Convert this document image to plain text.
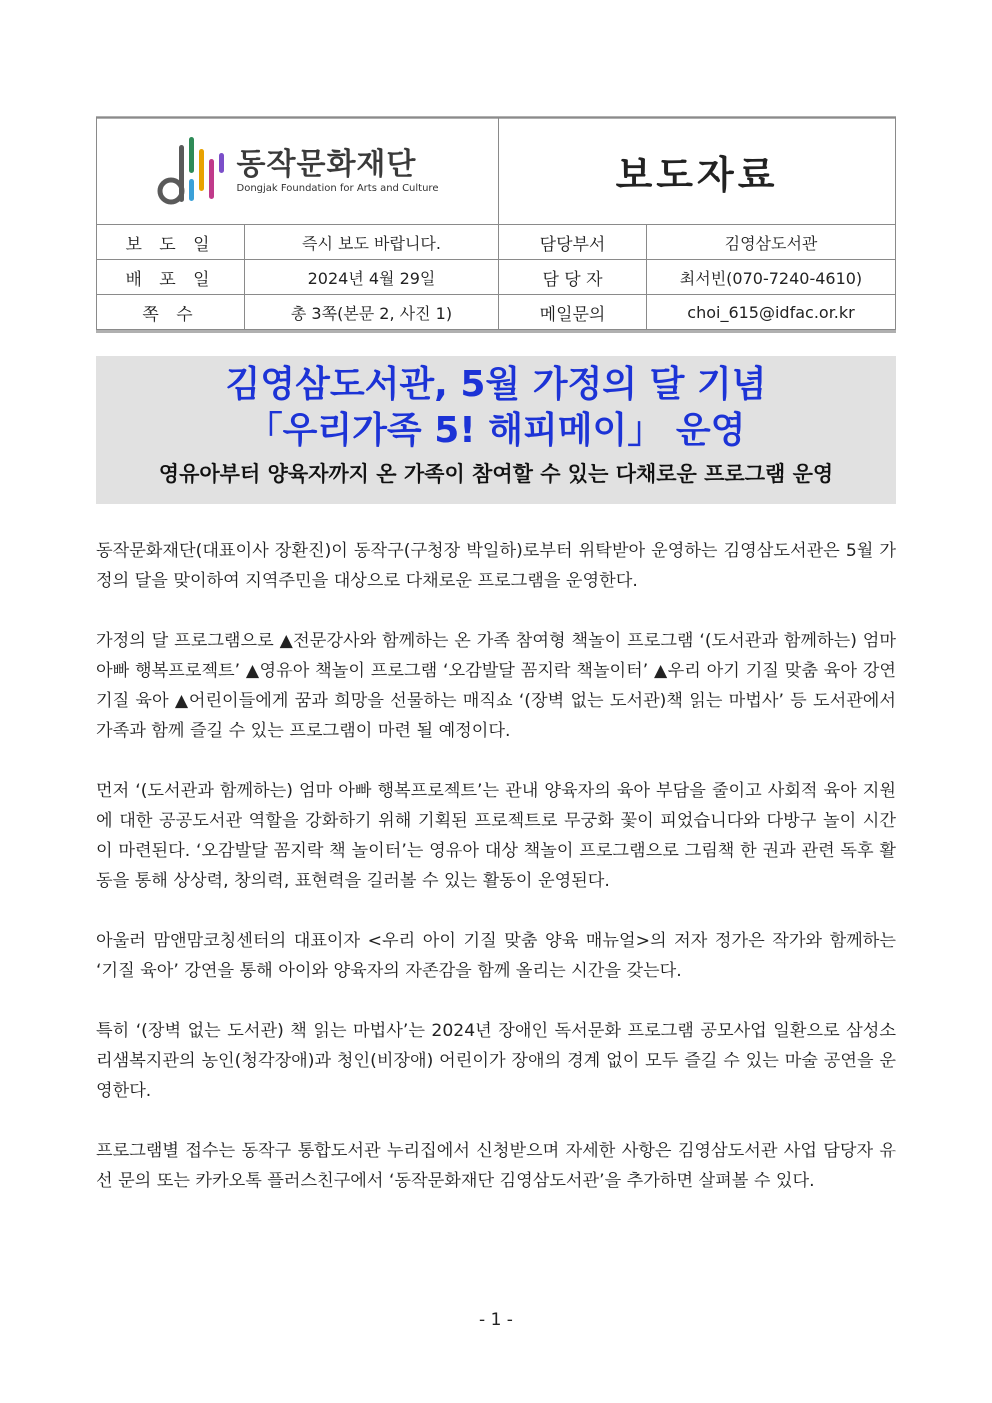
동작문화재단
Dongjak Foundation for Arts and Culture		보도자료	
보 도 일	즉시 보도 바랍니다.	담당부서	김영삼도서관
배 포 일	2024년 4월 29일	담 당 자	최서빈(070-7240-4610)
쪽 수	총 3쪽(본문 2, 사진 1)	메일문의	choi_615@idfac.or.kr
김영삼도서관, 5월 가정의 달 기념
「우리가족 5! 해피메이」 운영
영유아부터 양육자까지 온 가족이 참여할 수 있는 다채로운 프로그램 운영

동작문화재단(대표이사 장환진)이 동작구(구청장 박일하)로부터 위탁받아 운영하는 김영삼도서관은 5월 가정의 달을 맞이하여 지역주민을 대상으로 다채로운 프로그램을 운영한다.

가정의 달 프로그램으로 ▲전문강사와 함께하는 온 가족 참여형 책놀이 프로그램 ‘(도서관과 함께하는) 엄마 아빠 행복프로젝트’ ▲영유아 책놀이 프로그램 ‘오감발달 꼼지락 책놀이터’ ▲우리 아기 기질 맞춤 육아 강연 기질 육아 ▲어린이들에게 꿈과 희망을 선물하는 매직쇼 ‘(장벽 없는 도서관)책 읽는 마법사’ 등 도서관에서 가족과 함께 즐길 수 있는 프로그램이 마련 될 예정이다.

먼저 ‘(도서관과 함께하는) 엄마 아빠 행복프로젝트’는 관내 양육자의 육아 부담을 줄이고 사회적 육아 지원에 대한 공공도서관 역할을 강화하기 위해 기획된 프로젝트로 무궁화 꽃이 피었습니다와 다방구 놀이 시간이 마련된다. ‘오감발달 꼼지락 책 놀이터’는 영유아 대상 책놀이 프로그램으로 그림책 한 권과 관련 독후 활동을 통해 상상력, 창의력, 표현력을 길러볼 수 있는 활동이 운영된다.

아울러 맘앤맘코칭센터의 대표이자 <우리 아이 기질 맞춤 양육 매뉴얼>의 저자 정가은 작가와 함께하는 ‘기질 육아’ 강연을 통해 아이와 양육자의 자존감을 함께 올리는 시간을 갖는다.

특히 ‘(장벽 없는 도서관) 책 읽는 마법사’는 2024년 장애인 독서문화 프로그램 공모사업 일환으로 삼성소리샘복지관의 농인(청각장애)과 청인(비장애) 어린이가 장애의 경계 없이 모두 즐길 수 있는 마술 공연을 운영한다.

프로그램별 접수는 동작구 통합도서관 누리집에서 신청받으며 자세한 사항은 김영삼도서관 사업 담당자 유선 문의 또는 카카오톡 플러스친구에서 ‘동작문화재단 김영삼도서관’을 추가하면 살펴볼 수 있다.

- 1 -
